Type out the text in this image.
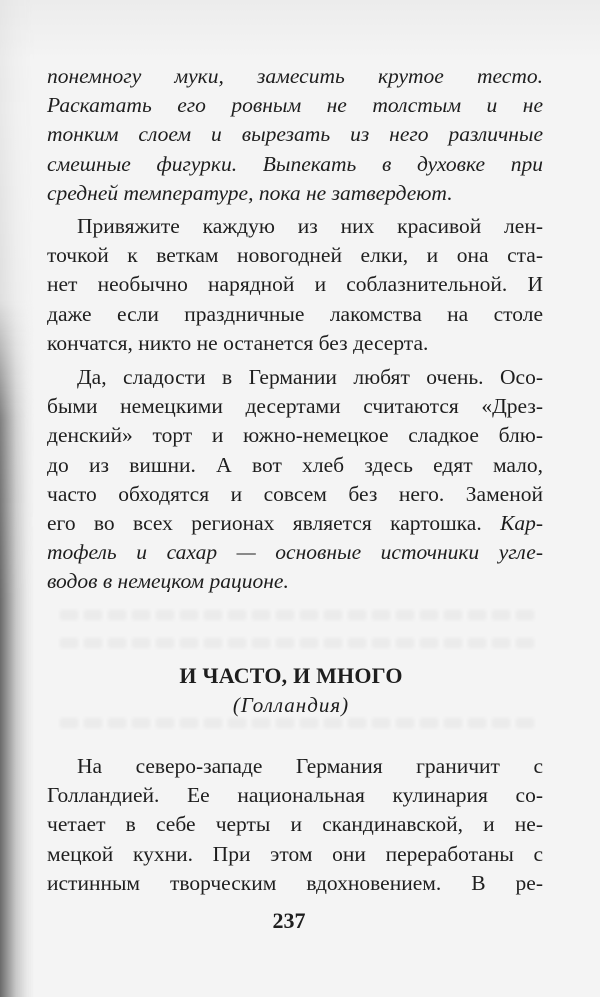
понемногу муки, замесить крутое тесто.
Раскатать его ровным не толстым и не
тонким слоем и вырезать из него различные
смешные фигурки. Выпекать в духовке при
средней температуре, пока не затвердеют.
Привяжите каждую из них красивой лен-
точкой к веткам новогодней елки, и она ста-
нет необычно нарядной и соблазнительной. И
даже если праздничные лакомства на столе
кончатся, никто не останется без десерта.
Да, сладости в Германии любят очень. Осо-
быми немецкими десертами считаются «Дрез-
денский» торт и южно-немецкое сладкое блю-
до из вишни. А вот хлеб здесь едят мало,
часто обходятся и совсем без него. Заменой
его во всех регионах является картошка. Кар-
тофель и сахар — основные источники угле-
водов в немецком рационе.
И ЧАСТО, И МНОГО
(Голландия)
На северо-западе Германия граничит с
Голландией. Ее национальная кулинария со-
четает в себе черты и скандинавской, и не-
мецкой кухни. При этом они переработаны с
истинным творческим вдохновением. В ре-
237
